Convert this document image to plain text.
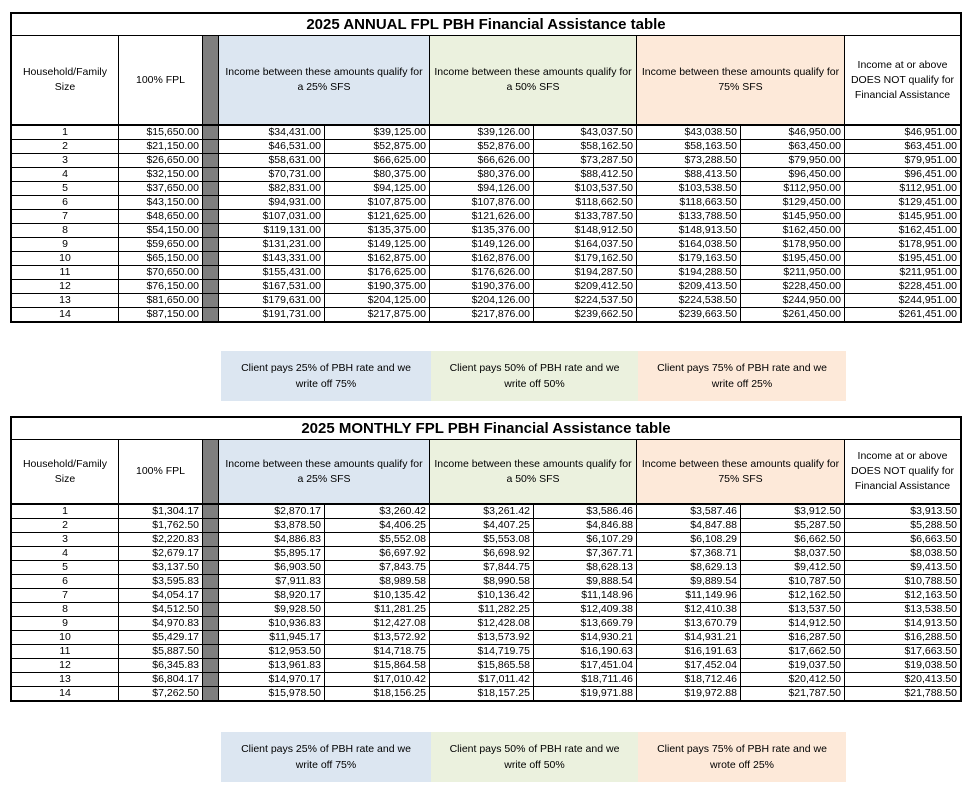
2025 ANNUAL FPL PBH Financial Assistance table
Household/Family Size
100% FPL
Income between these amounts qualify for a 25% SFS
Income between these amounts qualify for a 50% SFS
Income between these amounts qualify for 75% SFS
Income at or above DOES NOT qualify for Financial Assistance
1	$15,650.00	$34,431.00	$39,125.00	$39,126.00	$43,037.50	$43,038.50	$46,950.00	$46,951.00
2	$21,150.00	$46,531.00	$52,875.00	$52,876.00	$58,162.50	$58,163.50	$63,450.00	$63,451.00
3	$26,650.00	$58,631.00	$66,625.00	$66,626.00	$73,287.50	$73,288.50	$79,950.00	$79,951.00
4	$32,150.00	$70,731.00	$80,375.00	$80,376.00	$88,412.50	$88,413.50	$96,450.00	$96,451.00
5	$37,650.00	$82,831.00	$94,125.00	$94,126.00	$103,537.50	$103,538.50	$112,950.00	$112,951.00
6	$43,150.00	$94,931.00	$107,875.00	$107,876.00	$118,662.50	$118,663.50	$129,450.00	$129,451.00
7	$48,650.00	$107,031.00	$121,625.00	$121,626.00	$133,787.50	$133,788.50	$145,950.00	$145,951.00
8	$54,150.00	$119,131.00	$135,375.00	$135,376.00	$148,912.50	$148,913.50	$162,450.00	$162,451.00
9	$59,650.00	$131,231.00	$149,125.00	$149,126.00	$164,037.50	$164,038.50	$178,950.00	$178,951.00
10	$65,150.00	$143,331.00	$162,875.00	$162,876.00	$179,162.50	$179,163.50	$195,450.00	$195,451.00
11	$70,650.00	$155,431.00	$176,625.00	$176,626.00	$194,287.50	$194,288.50	$211,950.00	$211,951.00
12	$76,150.00	$167,531.00	$190,375.00	$190,376.00	$209,412.50	$209,413.50	$228,450.00	$228,451.00
13	$81,650.00	$179,631.00	$204,125.00	$204,126.00	$224,537.50	$224,538.50	$244,950.00	$244,951.00
14	$87,150.00	$191,731.00	$217,875.00	$217,876.00	$239,662.50	$239,663.50	$261,450.00	$261,451.00
Client pays 25% of PBH rate and we write off 75%
Client pays 50% of PBH rate and we write off 50%
Client pays 75% of PBH rate and we write off 25%
2025 MONTHLY FPL PBH Financial Assistance table
Household/Family Size
100% FPL
Income between these amounts qualify for a 25% SFS
Income between these amounts qualify for a 50% SFS
Income between these amounts qualify for 75% SFS
Income at or above DOES NOT qualify for Financial Assistance
1	$1,304.17	$2,870.17	$3,260.42	$3,261.42	$3,586.46	$3,587.46	$3,912.50	$3,913.50
2	$1,762.50	$3,878.50	$4,406.25	$4,407.25	$4,846.88	$4,847.88	$5,287.50	$5,288.50
3	$2,220.83	$4,886.83	$5,552.08	$5,553.08	$6,107.29	$6,108.29	$6,662.50	$6,663.50
4	$2,679.17	$5,895.17	$6,697.92	$6,698.92	$7,367.71	$7,368.71	$8,037.50	$8,038.50
5	$3,137.50	$6,903.50	$7,843.75	$7,844.75	$8,628.13	$8,629.13	$9,412.50	$9,413.50
6	$3,595.83	$7,911.83	$8,989.58	$8,990.58	$9,888.54	$9,889.54	$10,787.50	$10,788.50
7	$4,054.17	$8,920.17	$10,135.42	$10,136.42	$11,148.96	$11,149.96	$12,162.50	$12,163.50
8	$4,512.50	$9,928.50	$11,281.25	$11,282.25	$12,409.38	$12,410.38	$13,537.50	$13,538.50
9	$4,970.83	$10,936.83	$12,427.08	$12,428.08	$13,669.79	$13,670.79	$14,912.50	$14,913.50
10	$5,429.17	$11,945.17	$13,572.92	$13,573.92	$14,930.21	$14,931.21	$16,287.50	$16,288.50
11	$5,887.50	$12,953.50	$14,718.75	$14,719.75	$16,190.63	$16,191.63	$17,662.50	$17,663.50
12	$6,345.83	$13,961.83	$15,864.58	$15,865.58	$17,451.04	$17,452.04	$19,037.50	$19,038.50
13	$6,804.17	$14,970.17	$17,010.42	$17,011.42	$18,711.46	$18,712.46	$20,412.50	$20,413.50
14	$7,262.50	$15,978.50	$18,156.25	$18,157.25	$19,971.88	$19,972.88	$21,787.50	$21,788.50
Client pays 25% of PBH rate and we write off 75%
Client pays 50% of PBH rate and we write off 50%
Client pays 75% of PBH rate and we wrote off 25%
